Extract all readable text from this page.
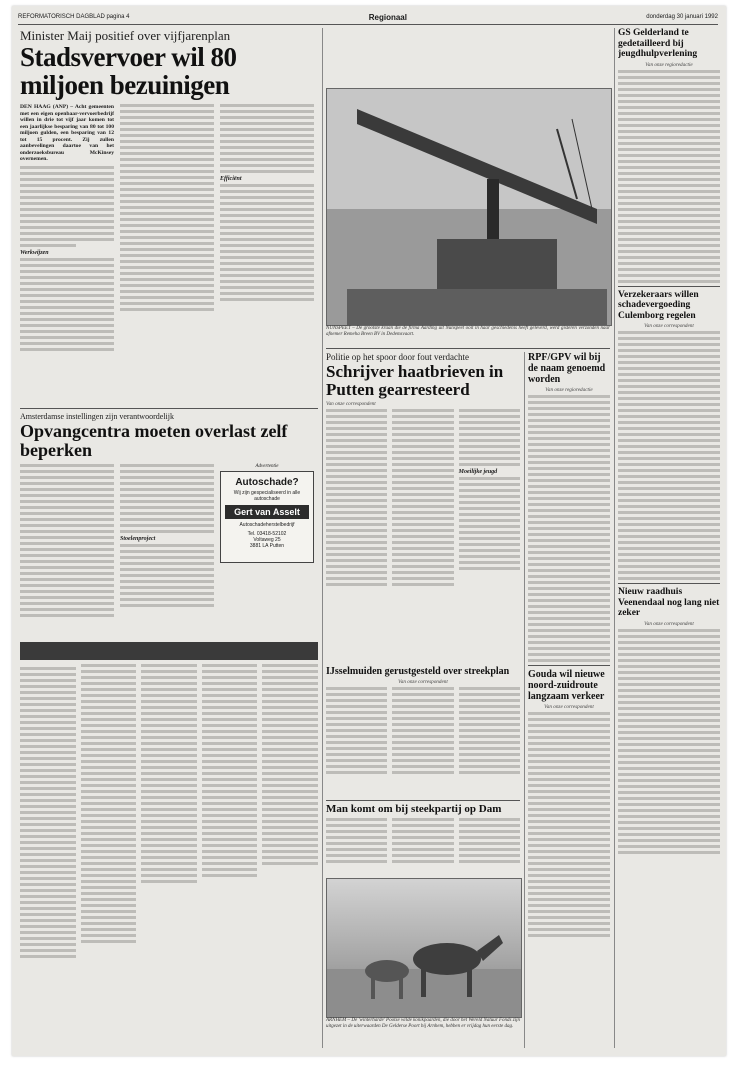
REFORMATORISCH DAGBLAD pagina 4	Regionaal	donderdag 30 januari 1992
Minister Maij positief over vijfjarenplan
Stadsvervoer wil 80 miljoen bezuinigen

DEN HAAG (ANP) – Acht gemeenten met een eigen openbaar-vervoerbedrijf willen in drie tot vijf jaar komen tot een jaarlijkse besparing van 80 tot 100 miljoen gulden, een besparing van 12 tot 15 procent. Zij zullen aanbevelingen daartoe van het onderzoeksbureau McKinsey overnemen.

Werkwijzen
Efficiënt
Amsterdamse instellingen zijn verantwoordelijk
Opvangcentra moeten overlast zelf beperken
Stoelenproject
Advertentie
Autoschade?
Wij zijn gespecialiseerd in alle autoschade
Gert van Asselt
Autoschadeherstelbedrijf
Tel. 03418-52102
Voltaweg 25
3881 LA Putten
NUNSPEET – De grootste kraan die de firma Aarding uit Nunspeet ooit in haar geschiedenis heeft geleverd, werd gisteren verzonden naar afnemer Remeha Breen BV in Dedemsvaart.
Politie op het spoor door fout verdachte
Schrijver haatbrieven in Putten gearresteerd
Van onze correspondent
Moeilijke jeugd
IJsselmuiden gerustgesteld over streekplan
Van onze correspondent
Man komt om bij steekpartij op Dam
ARNHEM – De 'winterharde' Pootse wilde konikpaarden, die door het Wereld Natuur Fonds zijn uitgezet in de uiterwaarden De Gelderse Poort bij Arnhem, hebben er vrijdag hun eerste dag.
RPF/GPV wil bij de naam genoemd worden
Van onze regioredactie
Gouda wil nieuwe noord-zuidroute langzaam verkeer
Van onze correspondent
GS Gelderland te gedetailleerd bij jeugdhulpverlening
Van onze regioredactie
Verzekeraars willen schadevergoeding Culemborg regelen
Van onze correspondent
Nieuw raadhuis Veenendaal nog lang niet zeker
Van onze correspondent
